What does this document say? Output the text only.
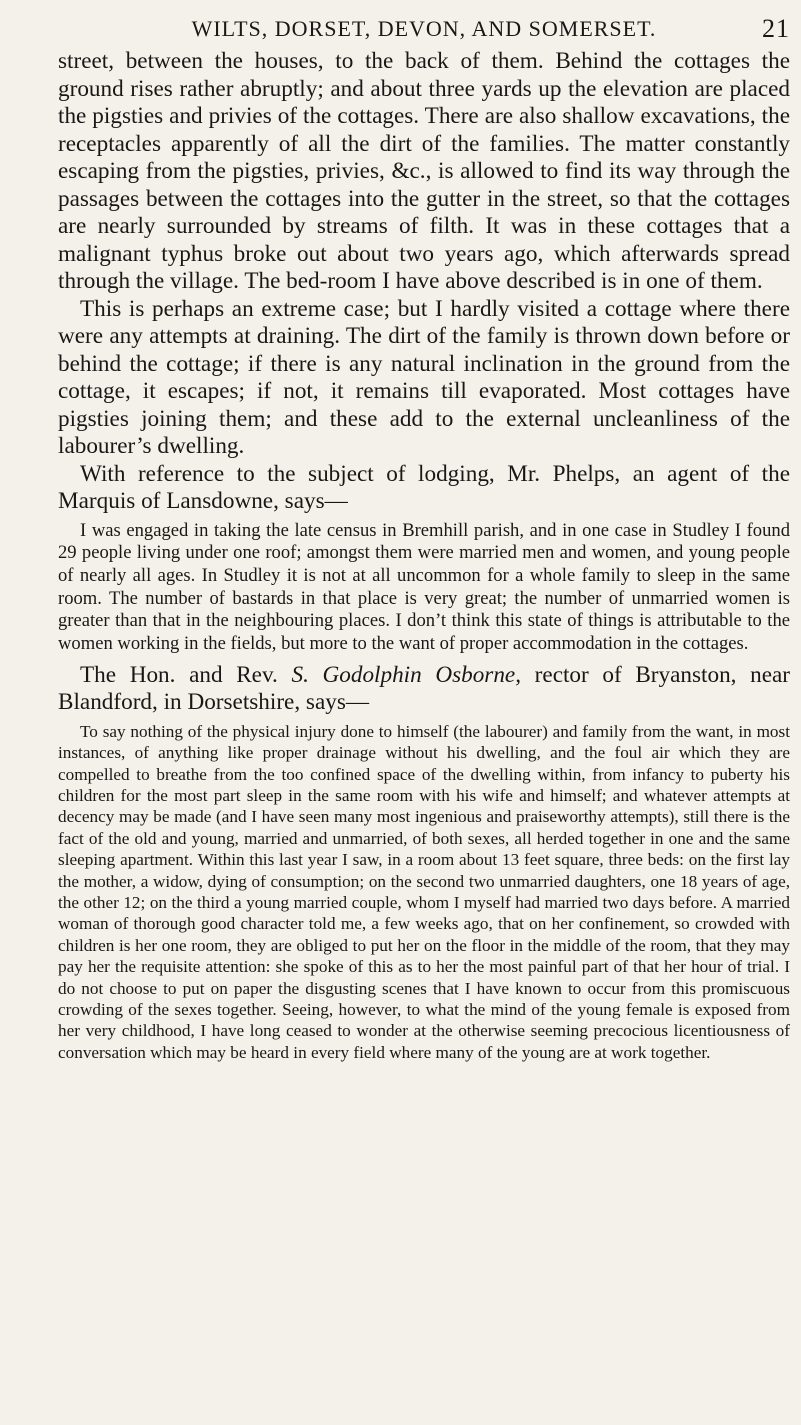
WILTS, DORSET, DEVON, AND SOMERSET.	21

street, between the houses, to the back of them. Behind the cottages the ground rises rather abruptly; and about three yards up the elevation are placed the pigsties and privies of the cottages. There are also shallow excavations, the receptacles apparently of all the dirt of the families. The matter constantly escaping from the pigsties, privies, &c., is allowed to find its way through the passages between the cottages into the gutter in the street, so that the cottages are nearly surrounded by streams of filth. It was in these cottages that a malignant typhus broke out about two years ago, which afterwards spread through the village. The bed-room I have above described is in one of them.

This is perhaps an extreme case; but I hardly visited a cottage where there were any attempts at draining. The dirt of the family is thrown down before or behind the cottage; if there is any natural inclination in the ground from the cottage, it escapes; if not, it remains till evaporated. Most cottages have pigsties joining them; and these add to the external uncleanliness of the labourer’s dwelling.

With reference to the subject of lodging, Mr. Phelps, an agent of the Marquis of Lansdowne, says—

I was engaged in taking the late census in Bremhill parish, and in one case in Studley I found 29 people living under one roof; amongst them were married men and women, and young people of nearly all ages. In Studley it is not at all uncommon for a whole family to sleep in the same room. The number of bastards in that place is very great; the number of unmarried women is greater than that in the neighbouring places. I don’t think this state of things is attributable to the women working in the fields, but more to the want of proper accommodation in the cottages.

The Hon. and Rev. S. Godolphin Osborne, rector of Bryanston, near Blandford, in Dorsetshire, says—

To say nothing of the physical injury done to himself (the labourer) and family from the want, in most instances, of anything like proper drainage without his dwelling, and the foul air which they are compelled to breathe from the too confined space of the dwelling within, from infancy to puberty his children for the most part sleep in the same room with his wife and himself; and whatever attempts at decency may be made (and I have seen many most ingenious and praiseworthy attempts), still there is the fact of the old and young, married and unmarried, of both sexes, all herded together in one and the same sleeping apartment. Within this last year I saw, in a room about 13 feet square, three beds: on the first lay the mother, a widow, dying of consumption; on the second two unmarried daughters, one 18 years of age, the other 12; on the third a young married couple, whom I myself had married two days before. A married woman of thorough good character told me, a few weeks ago, that on her confinement, so crowded with children is her one room, they are obliged to put her on the floor in the middle of the room, that they may pay her the requisite attention: she spoke of this as to her the most painful part of that her hour of trial. I do not choose to put on paper the disgusting scenes that I have known to occur from this promiscuous crowding of the sexes together. Seeing, however, to what the mind of the young female is exposed from her very childhood, I have long ceased to wonder at the otherwise seeming precocious licentiousness of conversation which may be heard in every field where many of the young are at work together.
